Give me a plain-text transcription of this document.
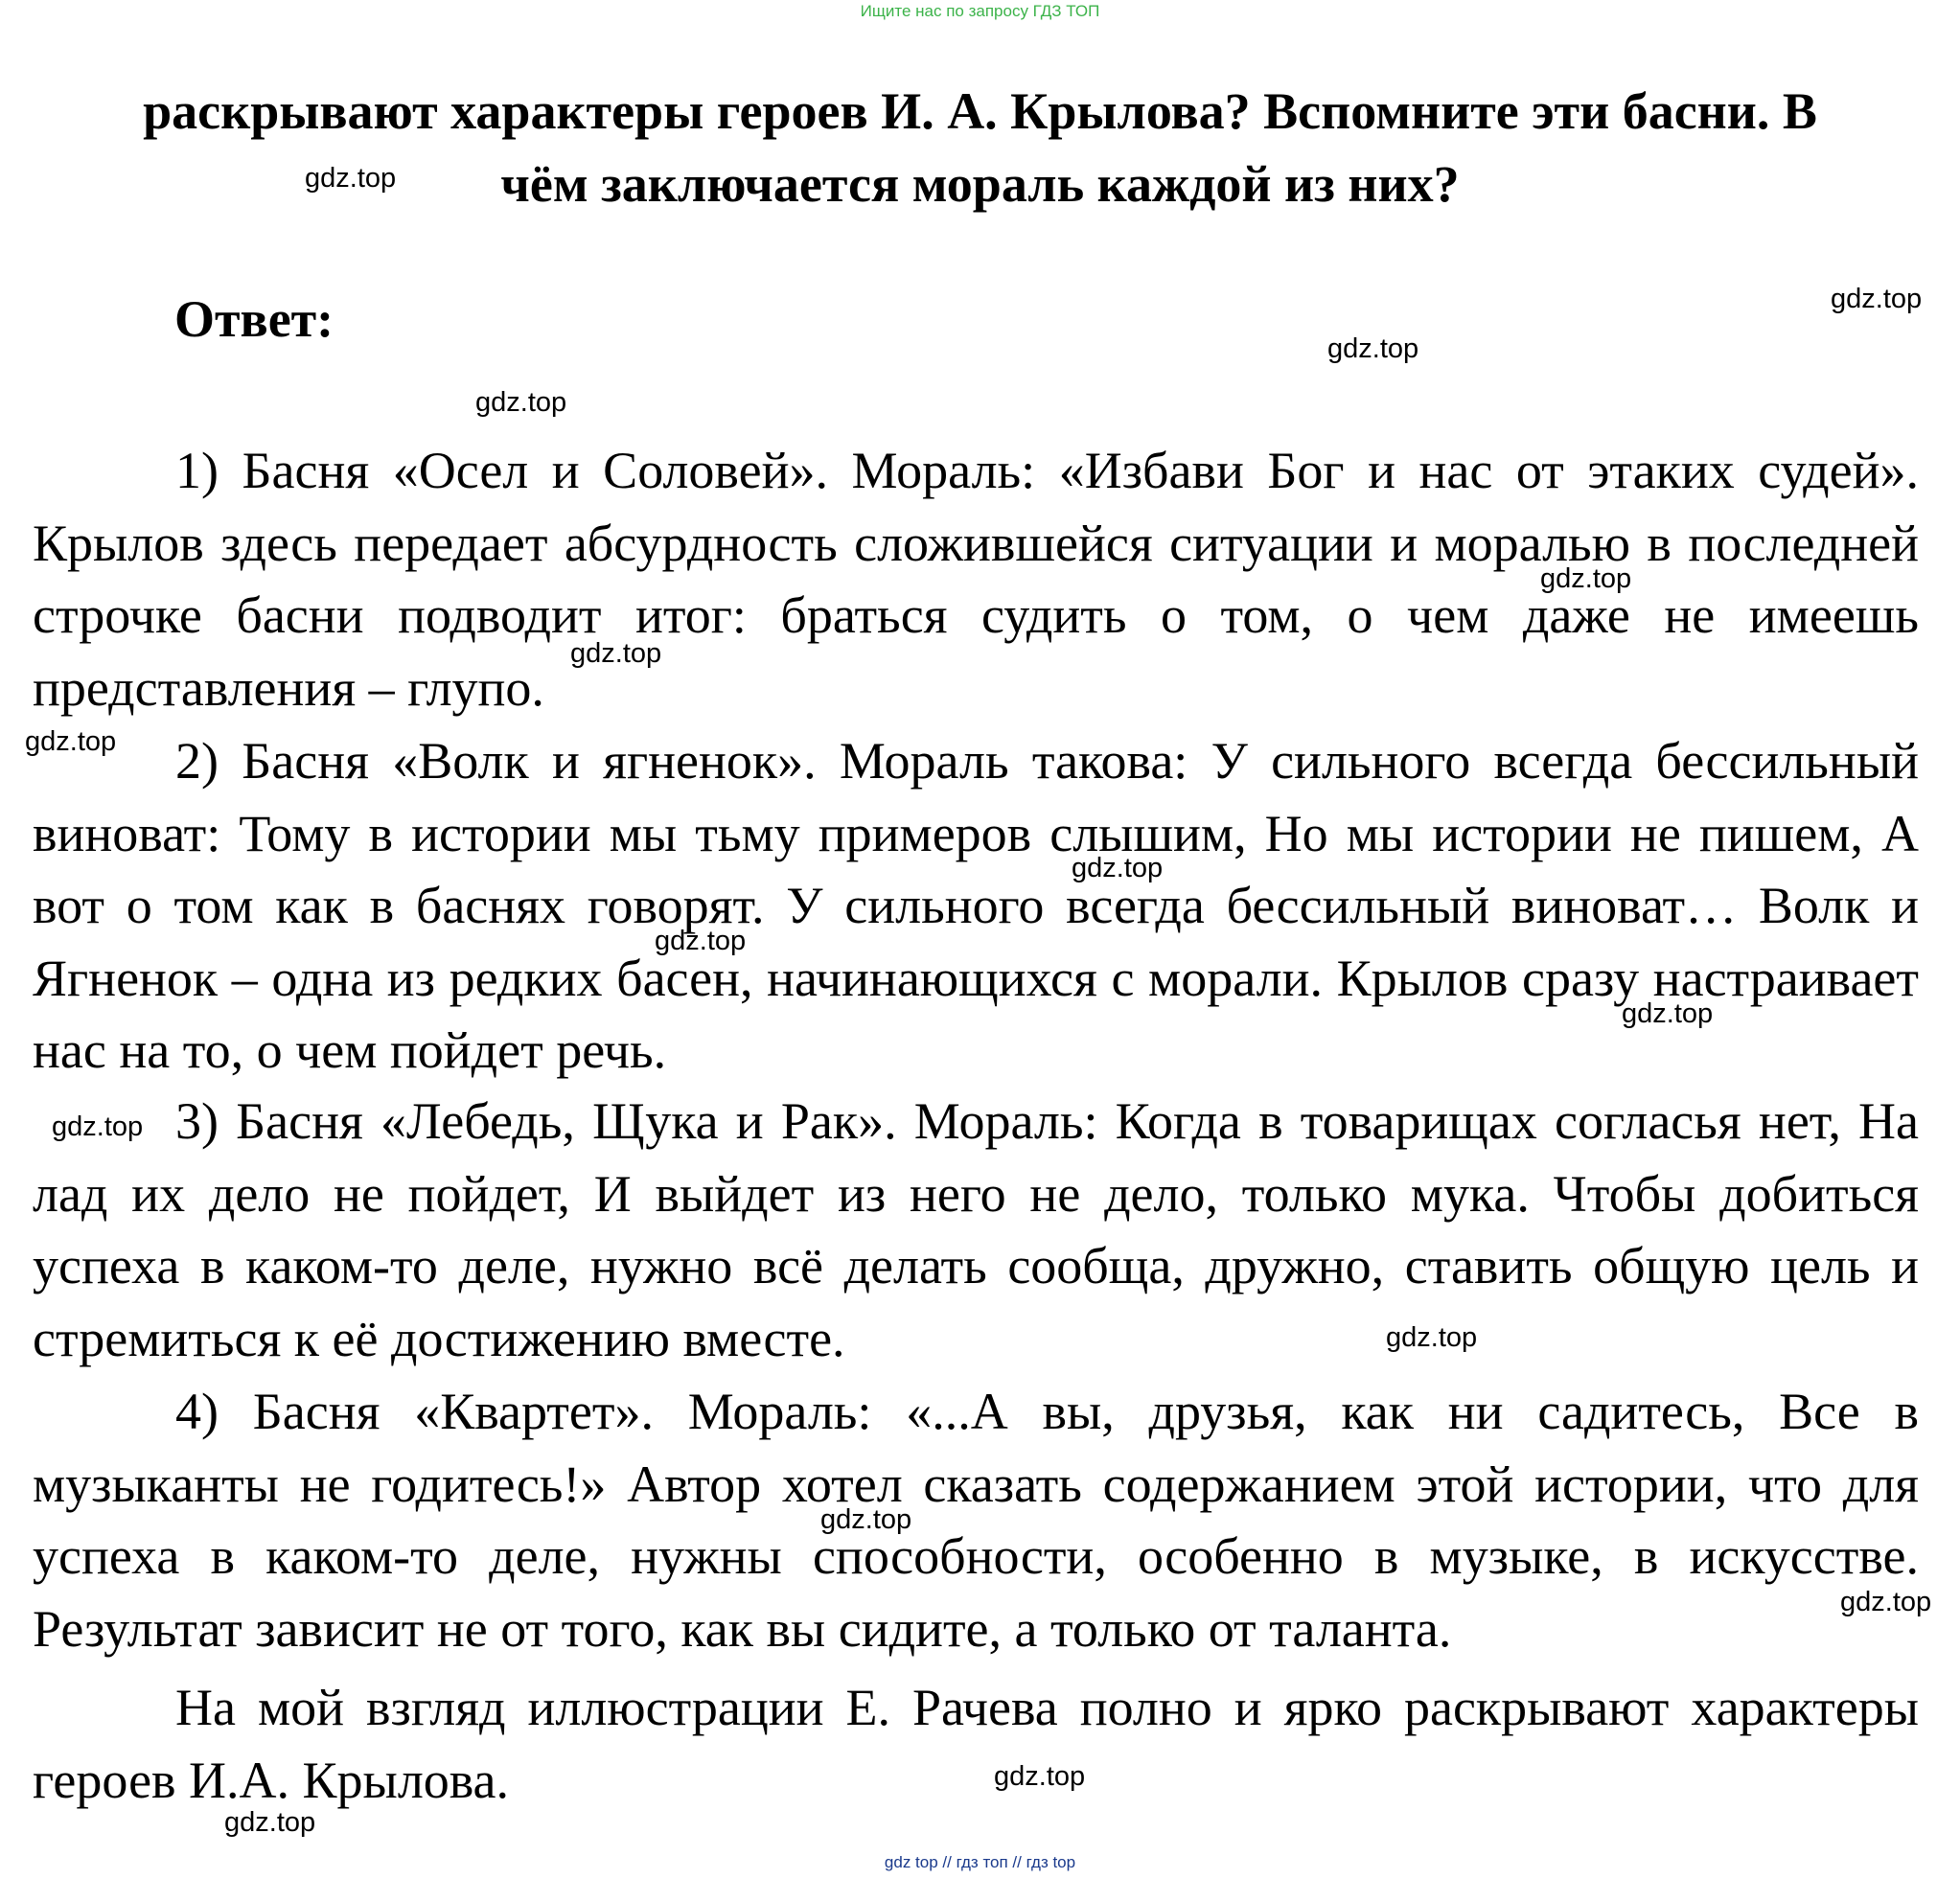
Ищите нас по запросу ГДЗ ТОП
раскрывают характеры героев И. А. Крылова? Вспомните эти басни. В
чём заключается мораль каждой из них?
Ответ:
1) Басня «Осел и Соловей». Мораль: «Избави Бог и нас от этаких судей». Крылов здесь передает абсурдность сложившейся ситуации и моралью в последней строчке басни подводит итог: браться судить о том, о чем даже не имеешь представления – глупо.
2) Басня «Волк и ягненок». Мораль такова: У сильного всегда бессильный виноват: Тому в истории мы тьму примеров слышим, Но мы истории не пишем, А вот о том как в баснях говорят. У сильного всегда бессильный виноват… Волк и Ягненок – одна из редких басен, начинающихся с морали. Крылов сразу настраивает нас на то, о чем пойдет речь.
3) Басня «Лебедь, Щука и Рак». Мораль: Когда в товарищах согласья нет, На лад их дело не пойдет, И выйдет из него не дело, только мука. Чтобы добиться успеха в каком-то деле, нужно всё делать сообща, дружно, ставить общую цель и стремиться к её достижению вместе.
4) Басня «Квартет». Мораль: «...А вы, друзья, как ни садитесь, Все в музыканты не годитесь!» Автор хотел сказать содержанием этой истории, что для успеха в каком-то деле, нужны способности, особенно в музыке, в искусстве. Результат зависит не от того, как вы сидите, а только от таланта.
На мой взгляд иллюстрации Е. Рачева полно и ярко раскрывают характеры героев И.А. Крылова.
gdz.top
gdz.top
gdz.top
gdz.top
gdz.top
gdz.top
gdz.top
gdz.top
gdz.top
gdz.top
gdz.top
gdz.top
gdz.top
gdz.top
gdz.top
gdz.top
gdz top // гдз топ // гдз top
